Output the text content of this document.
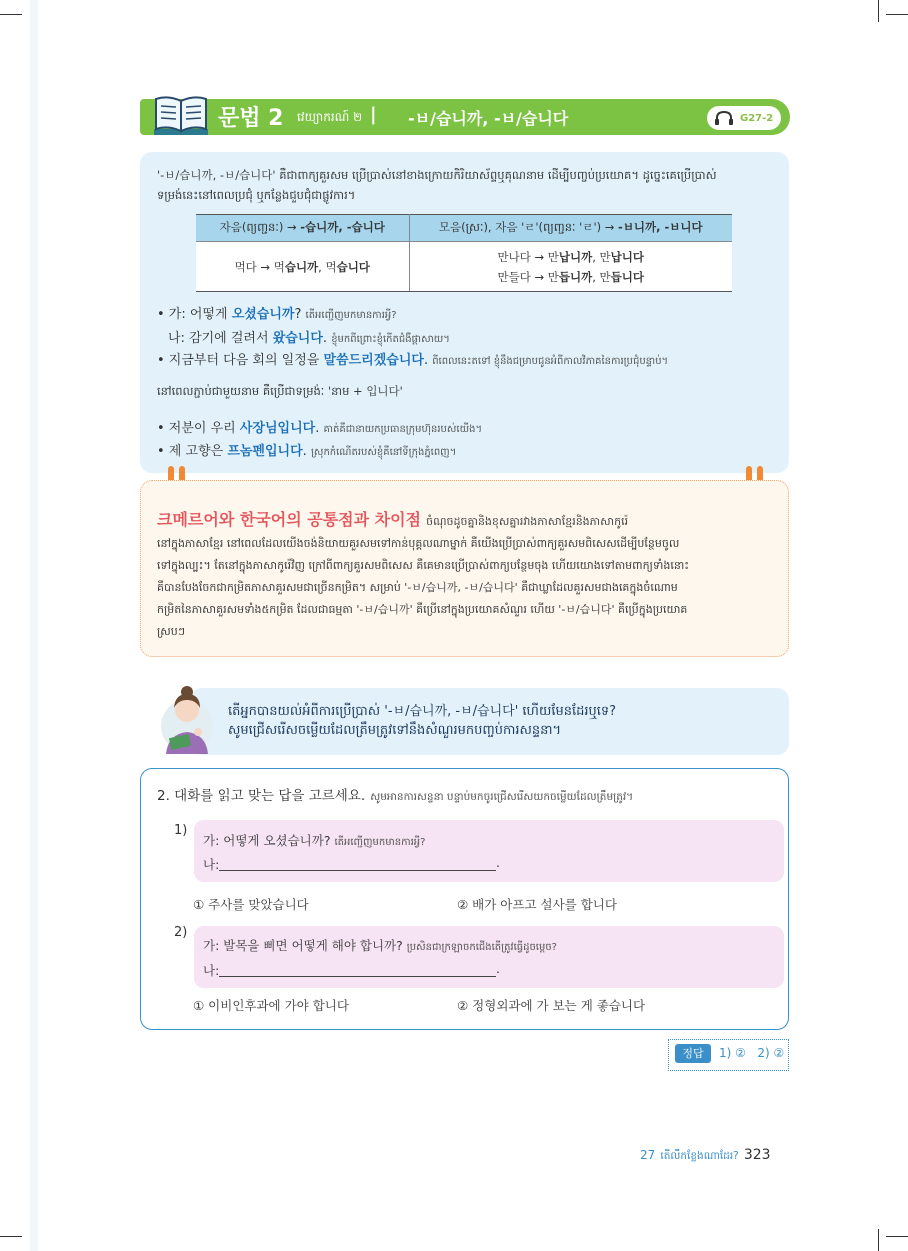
문법 2 វេយ្យាករណ៍ ២ | -ㅂ/습니까, -ㅂ/습니다	G27-2
'-ㅂ/습니까, -ㅂ/습니다' គឺជាពាក្យគួរសម ប្រើប្រាស់នៅខាងក្រោយកិរិយាស័ព្ទឬគុណនាម ដើម្បីបញ្ចប់ប្រយោគ។ ដូច្នេះគេប្រើប្រាស់
ទម្រង់នេះនៅពេលប្រជុំ ឬកន្លែងជួបជុំជាផ្លូវការ។
자음(ព្យញ្ជនៈ) → -습니까, -습니다	모음(ស្រៈ), 자음 'ㄹ'(ព្យញ្ជនៈ 'ㄹ') → -ㅂ니까, -ㅂ니다
먹다 → 먹습니까, 먹습니다	만나다 → 만납니까, 만납니다
만들다 → 만듭니까, 만듭니다
• 가: 어떻게 오셨습니까? តើអញ្ជើញមកមានការអ្វី?
나: 감기에 걸려서 왔습니다. ខ្ញុំមកពីព្រោះខ្ញុំកើតជំងឺផ្តាសាយ។
• 지금부터 다음 회의 일정을 말씀드리겠습니다. ពីពេលនេះតទៅ ខ្ញុំនឹងជម្រាបជូនអំពីកាលវិភាគនៃការប្រជុំបន្ទាប់។
នៅពេលភ្ជាប់ជាមួយនាម គឺប្រើជាទម្រង់ៈ 'នាម + 입니다'
• 저분이 우리 사장님입니다. គាត់គឺជានាយកប្រធានក្រុមហ៊ុនរបស់យើង។
• 제 고향은 프놈펜입니다. ស្រុកកំណើតរបស់ខ្ញុំគឺនៅទីក្រុងភ្នំពេញ។
크메르어와 한국어의 공통점과 차이점 ចំណុចដូចគ្នានិងខុសគ្នារវាងភាសាខ្មែរនិងភាសាកូរ៉េ
នៅក្នុងភាសាខ្មែរ នៅពេលដែលយើងចង់និយាយគួរសមទៅកាន់បុគ្គលណាម្នាក់ គឺយើងប្រើប្រាស់ពាក្យគួរសមពិសេសដើម្បីបន្ថែមចូល
ទៅក្នុងល្បះ។ តែនៅក្នុងភាសាកូរ៉េវិញ ក្រៅពីពាក្យគួរសមពិសេស គឺគេមានប្រើប្រាស់ពាក្យបន្ថែមចុង ហើយយោងទៅតាមពាក្យទាំងនោះ
គឺបានបែងចែកជាកម្រិតភាសាគួរសមជាច្រើនកម្រិត។ សម្រាប់ '-ㅂ/습니까, -ㅂ/습니다' គឺជាឃ្លាដែលគួរសមជាងគេក្នុងចំណោម
កម្រិតនៃភាសាគួរសមទាំង៥កម្រិត ដែលជាធម្មតា '-ㅂ/습니까' គឺប្រើនៅក្នុងប្រយោគសំណួរ ហើយ '-ㅂ/습니다' គឺប្រើក្នុងប្រយោគ
ស្របៗ
តើអ្នកបានយល់អំពីការប្រើប្រាស់ '-ㅂ/습니까, -ㅂ/습니다' ហើយមែនដែរឬទេ?
សូមជ្រើសរើសចម្លើយដែលត្រឹមត្រូវទៅនឹងសំណួរមកបញ្ចប់ការសន្ទនា។
2. 대화를 읽고 맞는 답을 고르세요. សូមអានការសន្ទនា បន្ទាប់មកចូរជ្រើសរើសយកចម្លើយដែលត្រឹមត្រូវ។
1)
가: 어떻게 오셨습니까? តើអញ្ជើញមកមានការអ្វី?
나:	.
① 주사를 맞았습니다	② 배가 아프고 설사를 합니다
2)
가: 발목을 삐면 어떻게 해야 합니까? ប្រសិនជាក្រឡាចកជើងតើត្រូវធ្វើដូចម្តេច?
나:	.
① 이비인후과에 가야 합니다	② 정형외과에 가 보는 게 좋습니다
정답	1) ②   2) ②
27 តើលឹកខ្លែងណាដែរ? 323
